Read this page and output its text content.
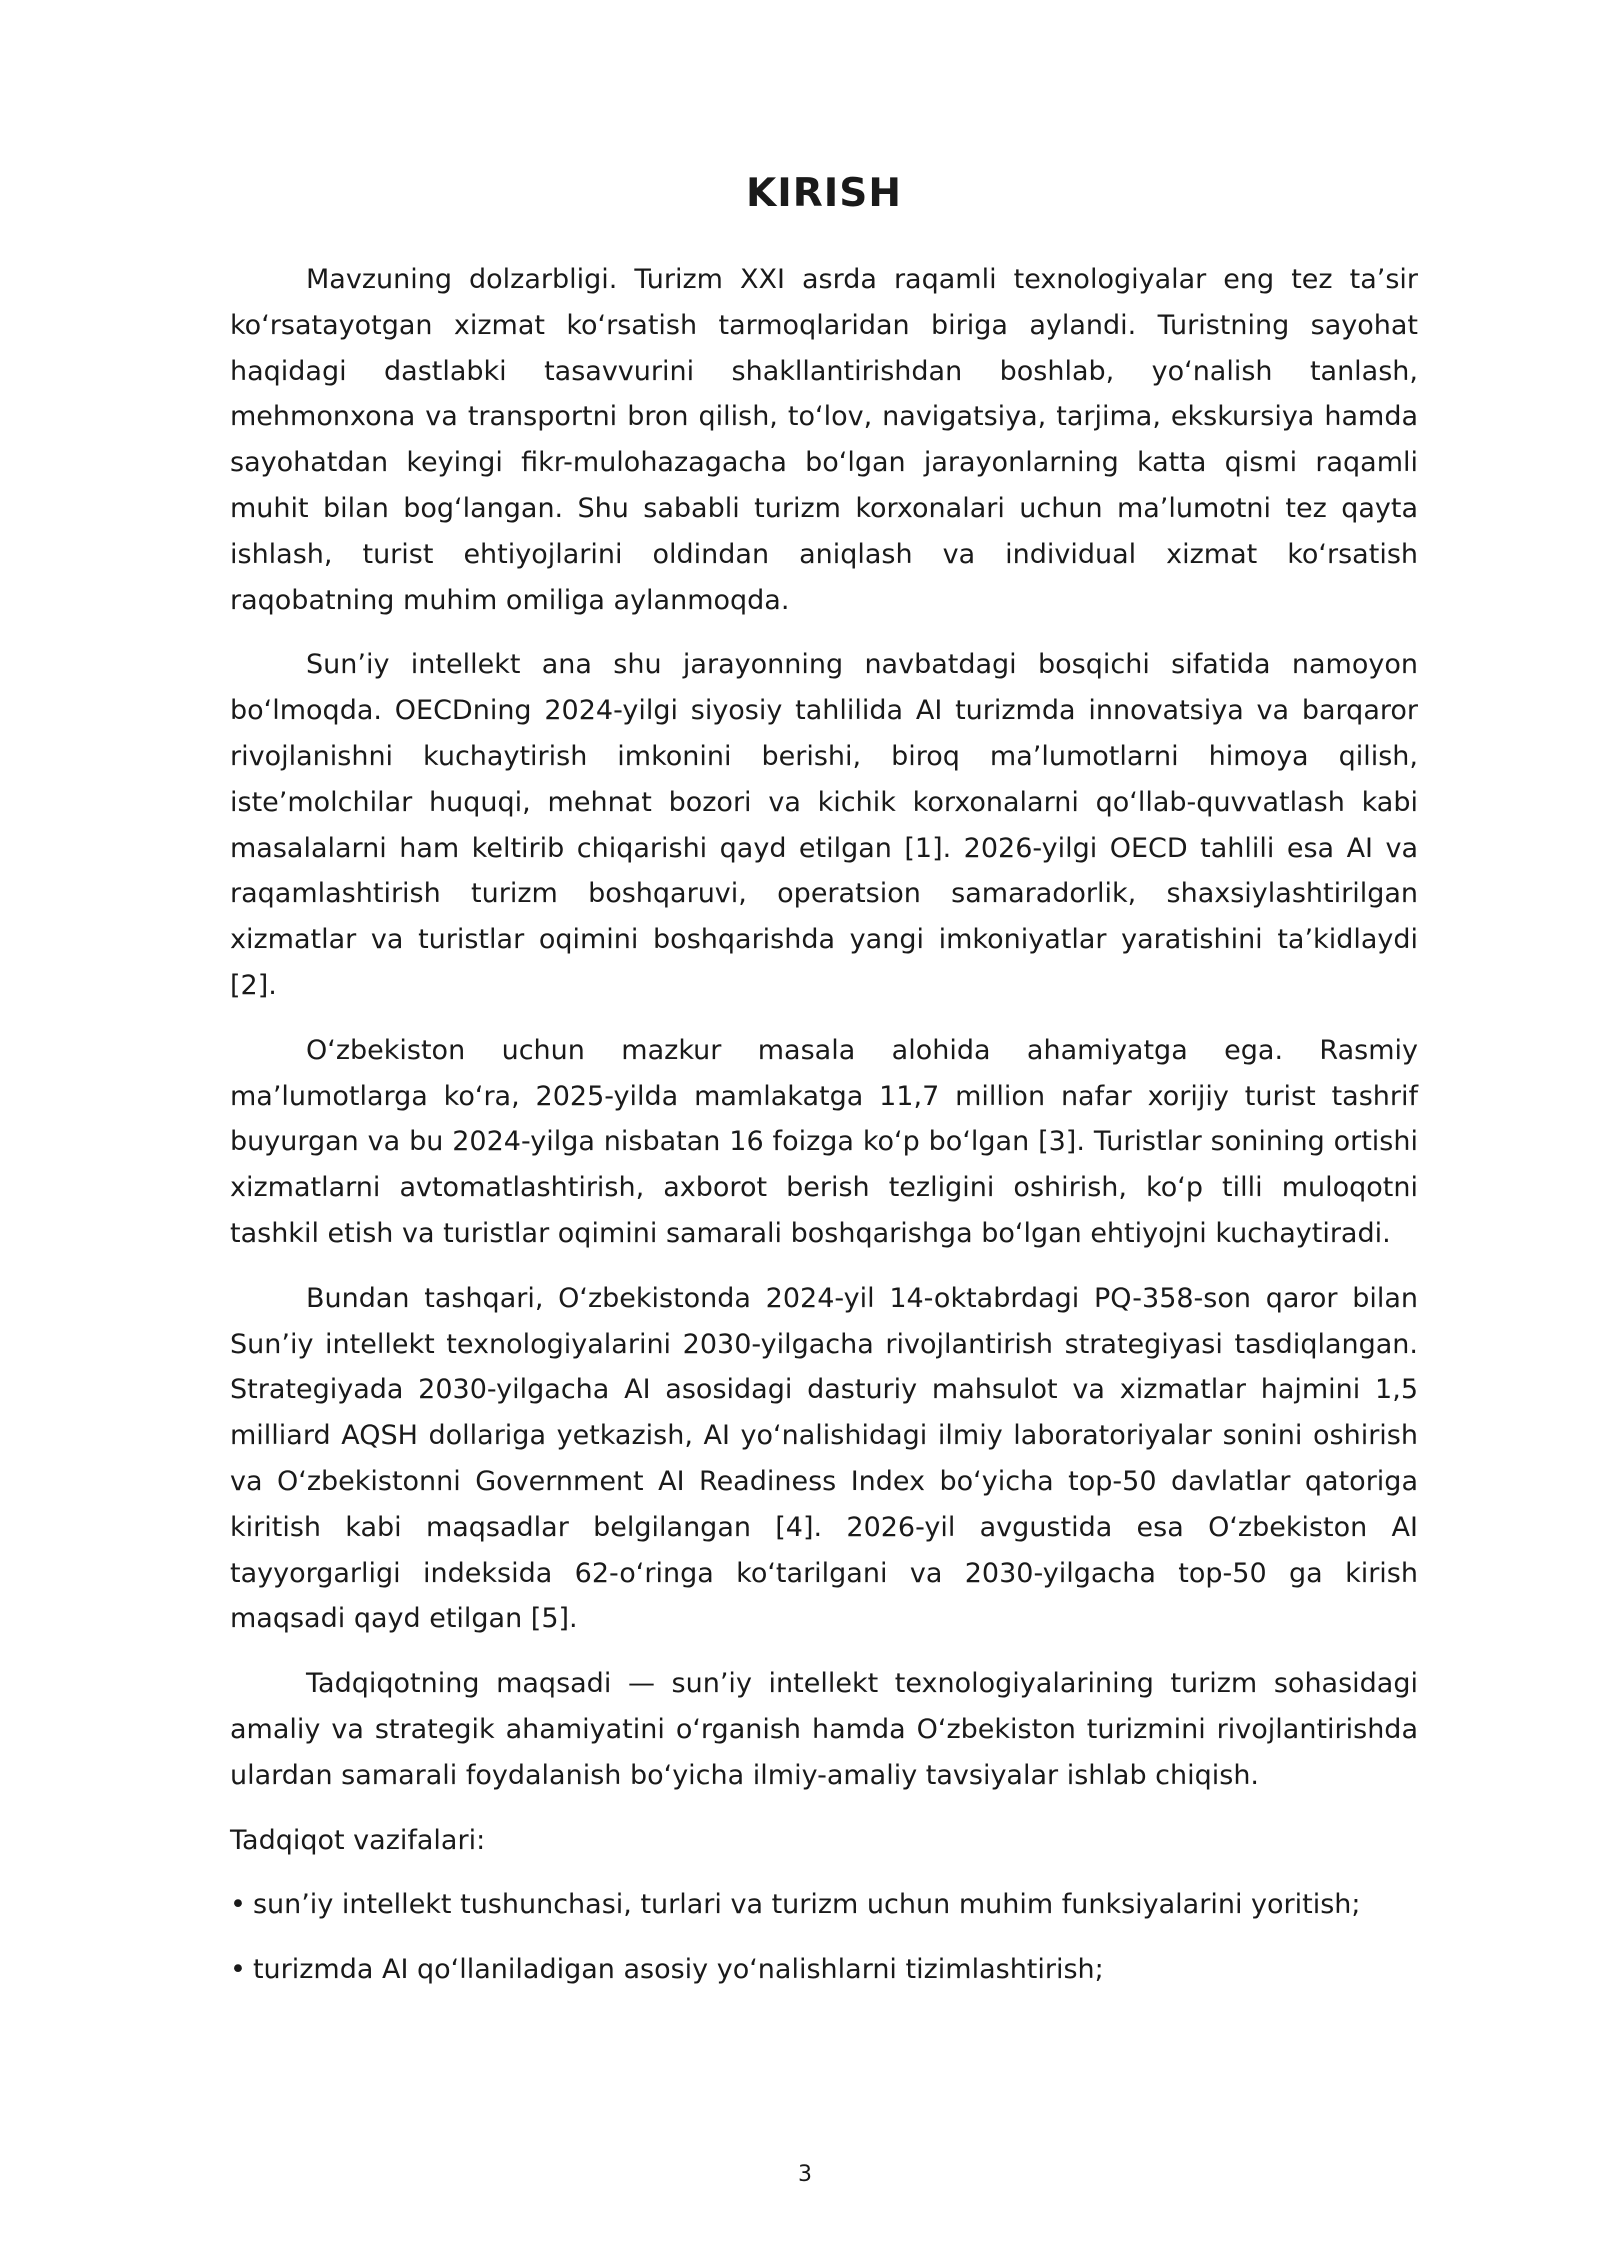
KIRISH

Mavzuning dolzarbligi. Turizm XXI asrda raqamli texnologiyalar eng tez ta’sir ko‘rsatayotgan xizmat ko‘rsatish tarmoqlaridan biriga aylandi. Turistning sayohat haqidagi dastlabki tasavvurini shakllantirishdan boshlab, yo‘nalish tanlash, mehmonxona va transportni bron qilish, to‘lov, navigatsiya, tarjima, ekskursiya hamda sayohatdan keyingi fikr-mulohazagacha bo‘lgan jarayonlarning katta qismi raqamli muhit bilan bog‘langan. Shu sababli turizm korxonalari uchun ma’lumotni tez qayta ishlash, turist ehtiyojlarini oldindan aniqlash va individual xizmat ko‘rsatish raqobatning muhim omiliga aylanmoqda.

Sun’iy intellekt ana shu jarayonning navbatdagi bosqichi sifatida namoyon bo‘lmoqda. OECDning 2024-yilgi siyosiy tahlilida AI turizmda innovatsiya va barqaror rivojlanishni kuchaytirish imkonini berishi, biroq ma’lumotlarni himoya qilish, iste’molchilar huquqi, mehnat bozori va kichik korxonalarni qo‘llab-quvvatlash kabi masalalarni ham keltirib chiqarishi qayd etilgan [1]. 2026-yilgi OECD tahlili esa AI va raqamlashtirish turizm boshqaruvi, operatsion samaradorlik, shaxsiylashtirilgan xizmatlar va turistlar oqimini boshqarishda yangi imkoniyatlar yaratishini ta’kidlaydi [2].

O‘zbekiston uchun mazkur masala alohida ahamiyatga ega. Rasmiy ma’lumotlarga ko‘ra, 2025-yilda mamlakatga 11,7 million nafar xorijiy turist tashrif buyurgan va bu 2024-yilga nisbatan 16 foizga ko‘p bo‘lgan [3]. Turistlar sonining ortishi xizmatlarni avtomatlashtirish, axborot berish tezligini oshirish, ko‘p tilli muloqotni tashkil etish va turistlar oqimini samarali boshqarishga bo‘lgan ehtiyojni kuchaytiradi.

Bundan tashqari, O‘zbekistonda 2024-yil 14-oktabrdagi PQ-358-son qaror bilan Sun’iy intellekt texnologiyalarini 2030-yilgacha rivojlantirish strategiyasi tasdiqlangan. Strategiyada 2030-yilgacha AI asosidagi dasturiy mahsulot va xizmatlar hajmini 1,5 milliard AQSH dollariga yetkazish, AI yo‘nalishidagi ilmiy laboratoriyalar sonini oshirish va O‘zbekistonni Government AI Readiness Index bo‘yicha top-50 davlatlar qatoriga kiritish kabi maqsadlar belgilangan [4]. 2026-yil avgustida esa O‘zbekiston AI tayyorgarligi indeksida 62-o‘ringa ko‘tarilgani va 2030-yilgacha top-50 ga kirish maqsadi qayd etilgan [5].

Tadqiqotning maqsadi — sun’iy intellekt texnologiyalarining turizm sohasidagi amaliy va strategik ahamiyatini o‘rganish hamda O‘zbekiston turizmini rivojlantirishda ulardan samarali foydalanish bo‘yicha ilmiy-amaliy tavsiyalar ishlab chiqish.

Tadqiqot vazifalari:

• sun’iy intellekt tushunchasi, turlari va turizm uchun muhim funksiyalarini yoritish;

• turizmda AI qo‘llaniladigan asosiy yo‘nalishlarni tizimlashtirish;

3
